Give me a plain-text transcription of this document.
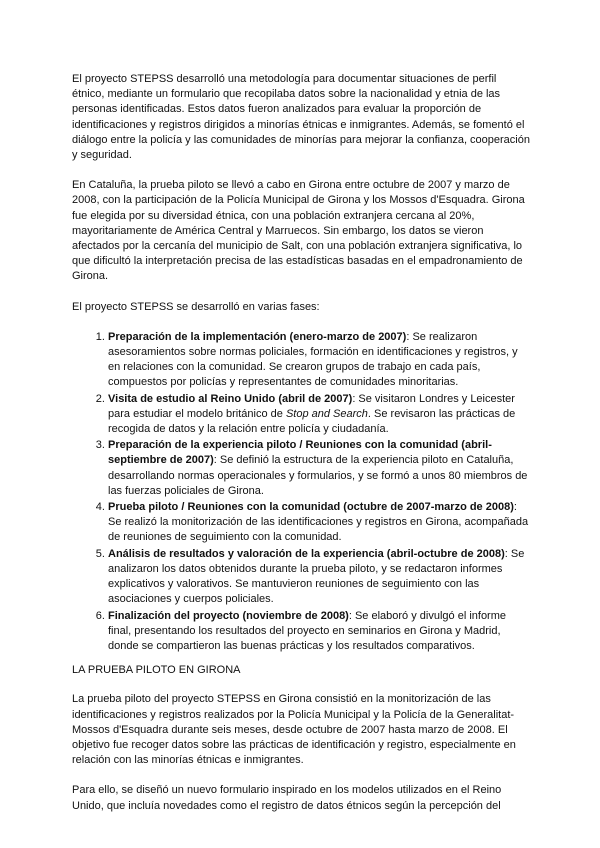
El proyecto STEPSS desarrolló una metodología para documentar situaciones de perfil étnico, mediante un formulario que recopilaba datos sobre la nacionalidad y etnia de las personas identificadas. Estos datos fueron analizados para evaluar la proporción de identificaciones y registros dirigidos a minorías étnicas e inmigrantes. Además, se fomentó el diálogo entre la policía y las comunidades de minorías para mejorar la confianza, cooperación y seguridad.

En Cataluña, la prueba piloto se llevó a cabo en Girona entre octubre de 2007 y marzo de 2008, con la participación de la Policía Municipal de Girona y los Mossos d'Esquadra. Girona fue elegida por su diversidad étnica, con una población extranjera cercana al 20%, mayoritariamente de América Central y Marruecos. Sin embargo, los datos se vieron afectados por la cercanía del municipio de Salt, con una población extranjera significativa, lo que dificultó la interpretación precisa de las estadísticas basadas en el empadronamiento de Girona.

El proyecto STEPSS se desarrolló en varias fases:

1. Preparación de la implementación (enero-marzo de 2007): Se realizaron asesoramientos sobre normas policiales, formación en identificaciones y registros, y en relaciones con la comunidad. Se crearon grupos de trabajo en cada país, compuestos por policías y representantes de comunidades minoritarias.
2. Visita de estudio al Reino Unido (abril de 2007): Se visitaron Londres y Leicester para estudiar el modelo británico de Stop and Search. Se revisaron las prácticas de recogida de datos y la relación entre policía y ciudadanía.
3. Preparación de la experiencia piloto / Reuniones con la comunidad (abril-septiembre de 2007): Se definió la estructura de la experiencia piloto en Cataluña, desarrollando normas operacionales y formularios, y se formó a unos 80 miembros de las fuerzas policiales de Girona.
4. Prueba piloto / Reuniones con la comunidad (octubre de 2007-marzo de 2008): Se realizó la monitorización de las identificaciones y registros en Girona, acompañada de reuniones de seguimiento con la comunidad.
5. Análisis de resultados y valoración de la experiencia (abril-octubre de 2008): Se analizaron los datos obtenidos durante la prueba piloto, y se redactaron informes explicativos y valorativos. Se mantuvieron reuniones de seguimiento con las asociaciones y cuerpos policiales.
6. Finalización del proyecto (noviembre de 2008): Se elaboró y divulgó el informe final, presentando los resultados del proyecto en seminarios en Girona y Madrid, donde se compartieron las buenas prácticas y los resultados comparativos.

LA PRUEBA PILOTO EN GIRONA

La prueba piloto del proyecto STEPSS en Girona consistió en la monitorización de las identificaciones y registros realizados por la Policía Municipal y la Policía de la Generalitat-Mossos d'Esquadra durante seis meses, desde octubre de 2007 hasta marzo de 2008. El objetivo fue recoger datos sobre las prácticas de identificación y registro, especialmente en relación con las minorías étnicas e inmigrantes.

Para ello, se diseñó un nuevo formulario inspirado en los modelos utilizados en el Reino Unido, que incluía novedades como el registro de datos étnicos según la percepción del
